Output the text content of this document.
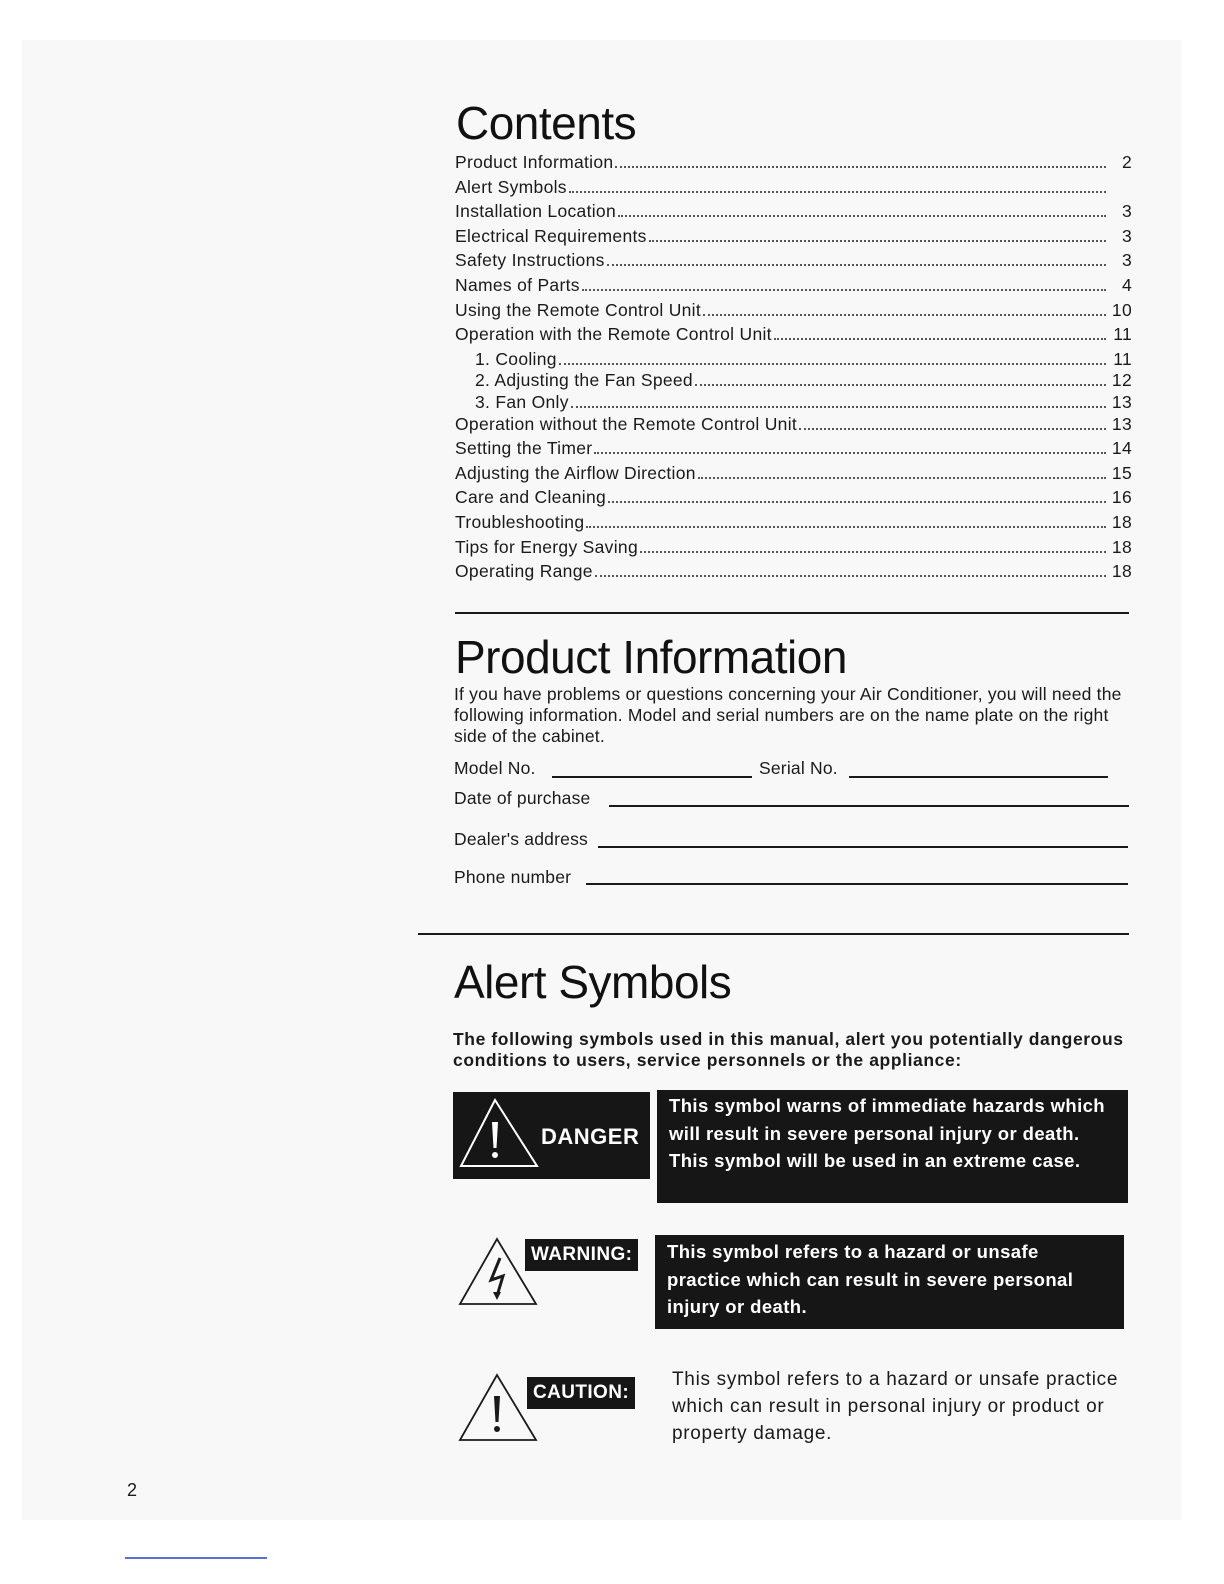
Contents
Product Information	2
Alert Symbols
Installation Location	3
Electrical Requirements	3
Safety Instructions	3
Names of Parts	4
Using the Remote Control Unit	10
Operation with the Remote Control Unit	11
1. Cooling	11
2. Adjusting the Fan Speed	12
3. Fan Only	13
Operation without the Remote Control Unit	13
Setting the Timer	14
Adjusting the Airflow Direction	15
Care and Cleaning	16
Troubleshooting	18
Tips for Energy Saving	18
Operating Range	18
Product Information

If you have problems or questions concerning your Air Conditioner, you will need the following information. Model and serial numbers are on the name plate on the right side of the cabinet.

Model No.	Serial No.
Date of purchase
Dealer's address
Phone number
Alert Symbols

The following symbols used in this manual, alert you potentially dangerous conditions to users, service personnels or the appliance:

DANGER
This symbol warns of immediate hazards which will result in severe personal injury or death. This symbol will be used in an extreme case.
WARNING:	This symbol refers to a hazard or unsafe practice which can result in severe personal injury or death.
CAUTION:

This symbol refers to a hazard or unsafe practice which can result in personal injury or product or property damage.

2
